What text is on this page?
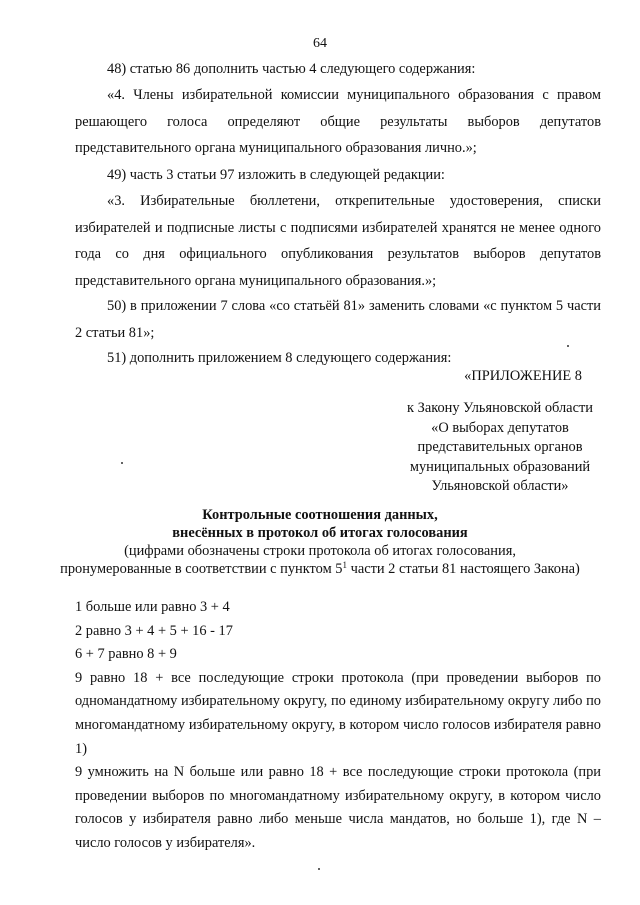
64

48) статью 86 дополнить частью 4 следующего содержания:

«4. Члены избирательной комиссии муниципального образования с правом решающего голоса определяют общие результаты выборов депутатов представительного органа муниципального образования лично.»;

49) часть 3 статьи 97 изложить в следующей редакции:

«3. Избирательные бюллетени, открепительные удостоверения, списки избирателей и подписные листы с подписями избирателей хранятся не менее одного года со дня официального опубликования результатов выборов депутатов представительного органа муниципального образования.»;

50) в приложении 7 слова «со статьёй 81» заменить словами «с пунктом 5 части 2 статьи 81»;

51) дополнить приложением 8 следующего содержания:

«ПРИЛОЖЕНИЕ 8
к Закону Ульяновской области
«О выборах депутатов
представительных органов
муниципальных образований
Ульяновской области»
Контрольные соотношения данных,
внесённых в протокол об итогах голосования
(цифрами обозначены строки протокола об итогах голосования,
пронумерованные в соответствии с пунктом $5^1$ части 2 статьи 81 настоящего Закона)
1 больше или равно 3 + 4
2 равно 3 + 4 + 5 + 16 - 17
6 + 7 равно 8 + 9
9 равно 18 + все последующие строки протокола (при проведении выборов по одномандатному избирательному округу, по единому избирательному округу либо по многомандатному избирательному округу, в котором число голосов избирателя равно 1)
9 умножить на N больше или равно 18 + все последующие строки протокола (при проведении выборов по многомандатному избирательному округу, в котором число голосов у избирателя равно либо меньше числа мандатов, но больше 1), где N – число голосов у избирателя».
